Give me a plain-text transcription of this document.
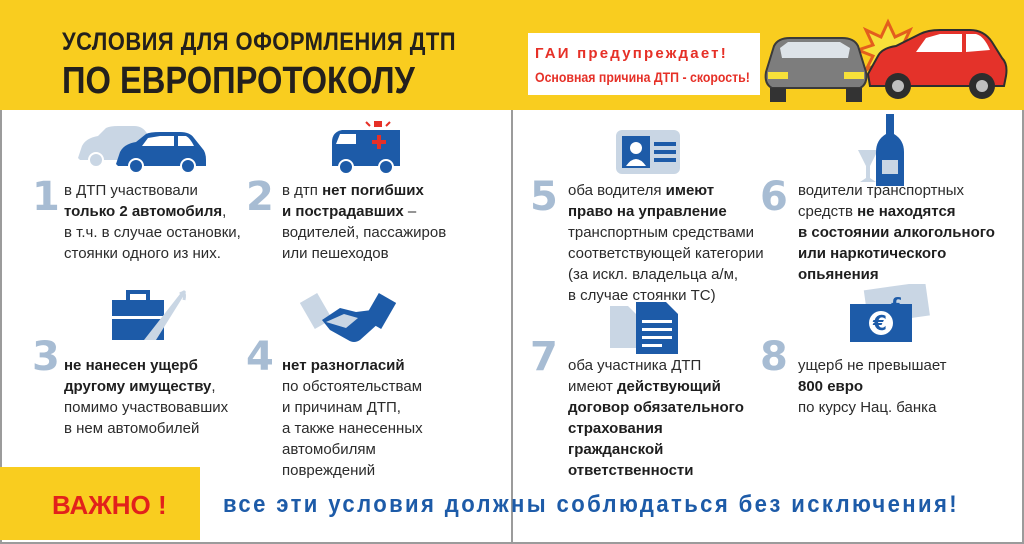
УСЛОВИЯ ДЛЯ ОФОРМЛЕНИЯ ДТП
ПО ЕВРОПРОТОКОЛУ
ГАИ предупреждает!
Основная причина ДТП - скорость!
€
1	2
3	4
5	6
7	8
в ДТП участвовали
только 2 автомобиля,
в т.ч. в случае остановки,
стоянки одного из них.
в дтп нет погибших
и пострадавших –
водителей, пассажиров
или пешеходов
не нанесен ущерб
другому имуществу,
помимо участвовавших
в нем автомобилей
нет разногласий
по обстоятельствам
и причинам ДТП,
а также нанесенных
автомобилям
повреждений
оба водителя имеют
право на управление
транспортным средствами
соответствующей категории
(за искл. владельца а/м,
в случае стоянки ТС)
водители транспортных
средств не находятся
в состоянии алкогольного
или наркотического
опьянения
оба участника ДТП
имеют действующий
договор обязательного
страхования
гражданской
ответственности
ущерб не превышает
800 евро
по курсу Нац. банка
ВАЖНО ! все эти условия должны соблюдаться без исключения!
